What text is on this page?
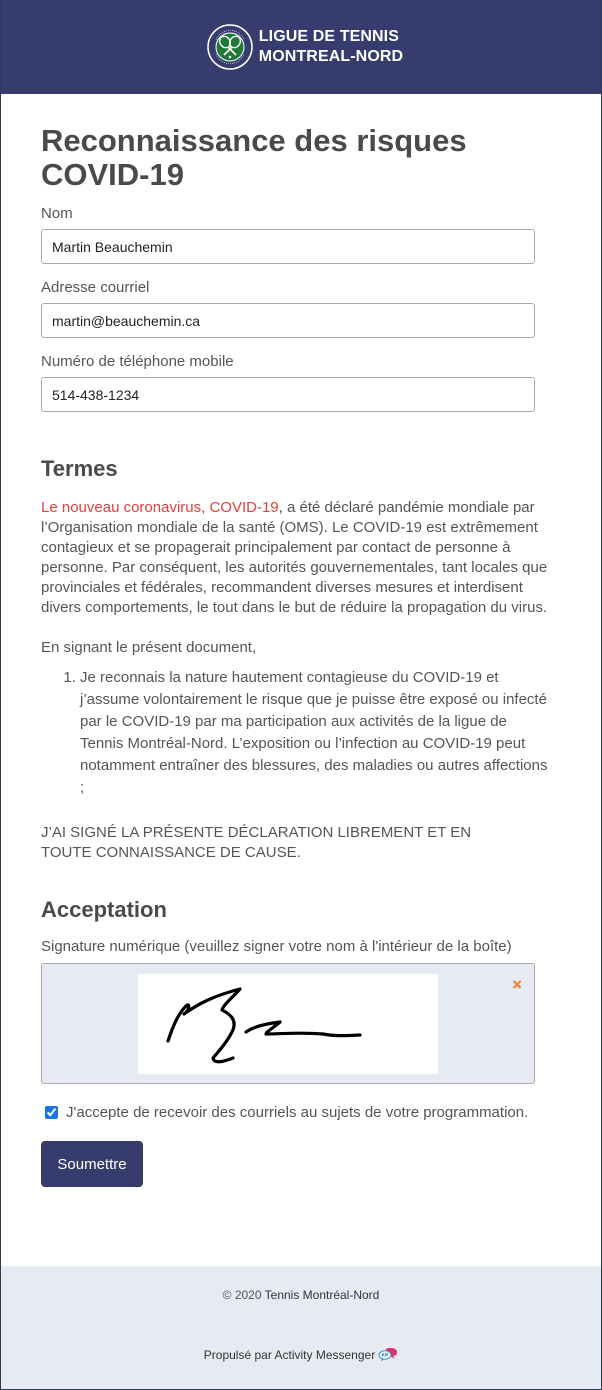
LIGUE DE TENNIS
MONTREAL-NORD
Reconnaissance des risques COVID-19
Nom
Martin Beauchemin
Adresse courriel
martin@beauchemin.ca
Numéro de téléphone mobile
514-438-1234
Termes

Le nouveau coronavirus, COVID-19, a été déclaré pandémie mondiale par l’Organisation mondiale de la santé (OMS). Le COVID-19 est extrêmement contagieux et se propagerait principalement par contact de personne à personne. Par conséquent, les autorités gouvernementales, tant locales que provinciales et fédérales, recommandent diverses mesures et interdisent divers comportements, le tout dans le but de réduire la propagation du virus.

En signant le présent document,

1. Je reconnais la nature hautement contagieuse du COVID-19 et j’assume volontairement le risque que je puisse être exposé ou infecté par le COVID-19 par ma participation aux activités de la ligue de Tennis Montréal-Nord. L’exposition ou l’infection au COVID-19 peut notamment entraîner des blessures, des maladies ou autres affections ;

J’AI SIGNÉ LA PRÉSENTE DÉCLARATION LIBREMENT ET EN TOUTE CONNAISSANCE DE CAUSE.

Acceptation
Signature numérique (veuillez signer votre nom à l'intérieur de la boîte)
×
J'accepte de recevoir des courriels au sujets de votre programmation.
Soumettre
© 2020 Tennis Montréal-Nord
Propulsé par Activity Messenger AM
